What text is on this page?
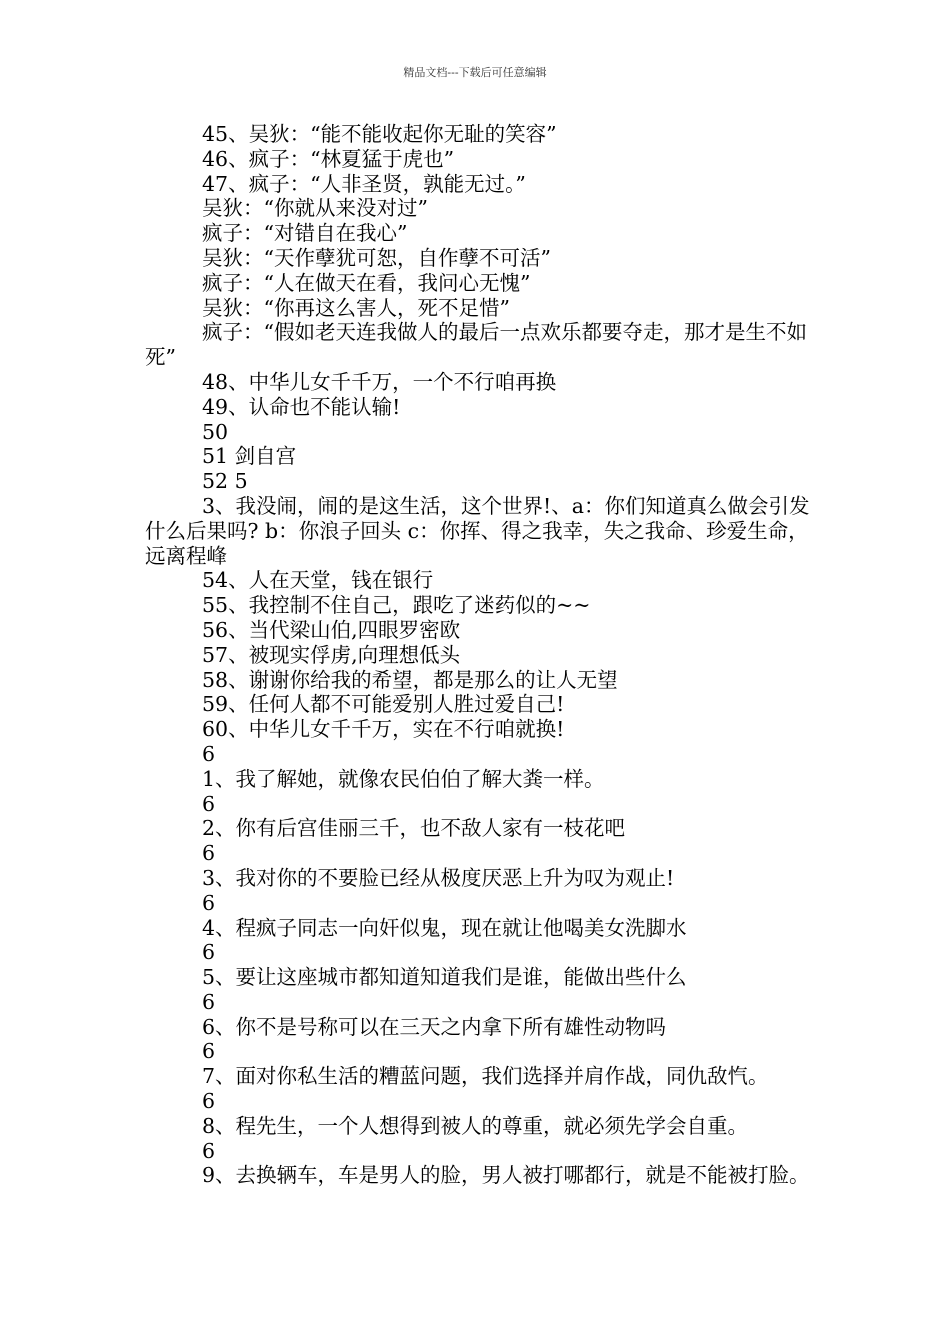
精品文档---下载后可任意编辑

45、吴狄：“能不能收起你无耻的笑容”

46、疯子：“林夏猛于虎也”

47、疯子：“人非圣贤，孰能无过。”

吴狄：“你就从来没对过”

疯子：“对错自在我心”

吴狄：“天作孽犹可恕，自作孽不可活”

疯子：“人在做天在看，我问心无愧”

吴狄：“你再这么害人，死不足惜”

疯子：“假如老天连我做人的最后一点欢乐都要夺走，那才是生不如死”

48、中华儿女千千万，一个不行咱再换

49、认命也不能认输!

50

51 剑自宫

52 5

3、我没闹，闹的是这生活，这个世界!、a：你们知道真么做会引发什么后果吗? b：你浪子回头 c：你挥、得之我幸，失之我命、珍爱生命，远离程峰

54、人在天堂，钱在银行

55、我控制不住自己，跟吃了迷药似的~~

56、当代梁山伯,四眼罗密欧

57、被现实俘虏,向理想低头

58、谢谢你给我的希望，都是那么的让人无望

59、任何人都不可能爱别人胜过爱自己!

60、中华儿女千千万，实在不行咱就换!

6

1、我了解她，就像农民伯伯了解大粪一样。

6

2、你有后宫佳丽三千，也不敌人家有一枝花吧

6

3、我对你的不要脸已经从极度厌恶上升为叹为观止!

6

4、程疯子同志一向奸似鬼，现在就让他喝美女洗脚水

6

5、要让这座城市都知道知道我们是谁，能做出些什么

6

6、你不是号称可以在三天之内拿下所有雄性动物吗

6

7、面对你私生活的糟蓝问题，我们选择并肩作战，同仇敌忾。

6

8、程先生，一个人想得到被人的尊重，就必须先学会自重。

6

9、去换辆车，车是男人的脸，男人被打哪都行，就是不能被打脸。
